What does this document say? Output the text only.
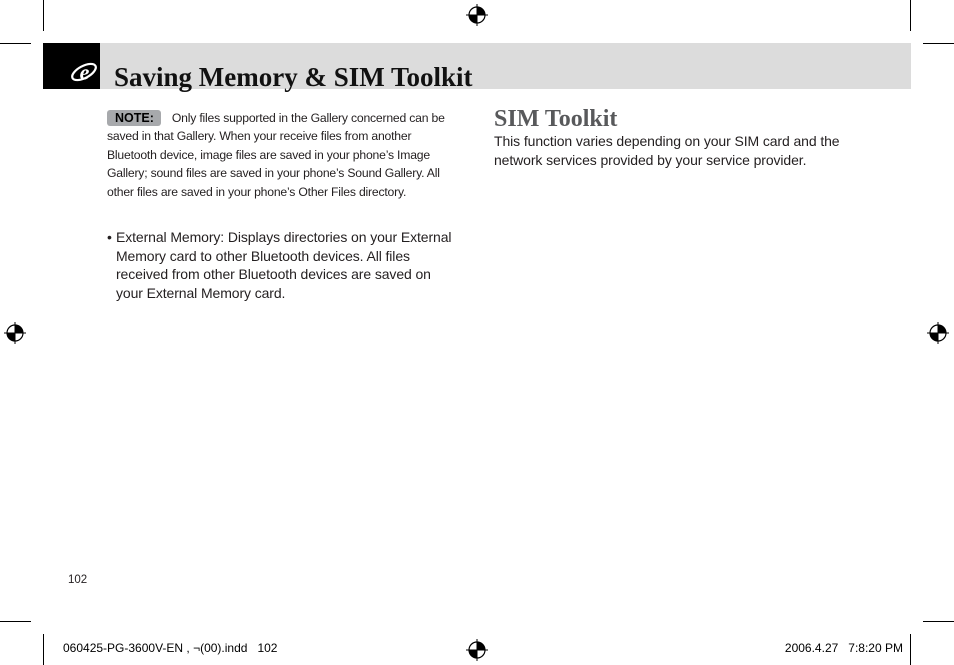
e Saving Memory & SIM Toolkit

NOTE: Only files supported in the Gallery concerned can be saved in that Gallery. When your receive files from another Bluetooth device, image files are saved in your phone’s Image Gallery; sound files are saved in your phone’s Sound Gallery. All other files are saved in your phone’s Other Files directory.

• External Memory: Displays directories on your External Memory card to other Bluetooth devices. All files received from other Bluetooth devices are saved on your External Memory card.
SIM Toolkit

This function varies depending on your SIM card and the network services provided by your service provider.

102
060425-PG-3600V-EN , ¬(00).indd   102	2006.4.27   7:8:20 PM
